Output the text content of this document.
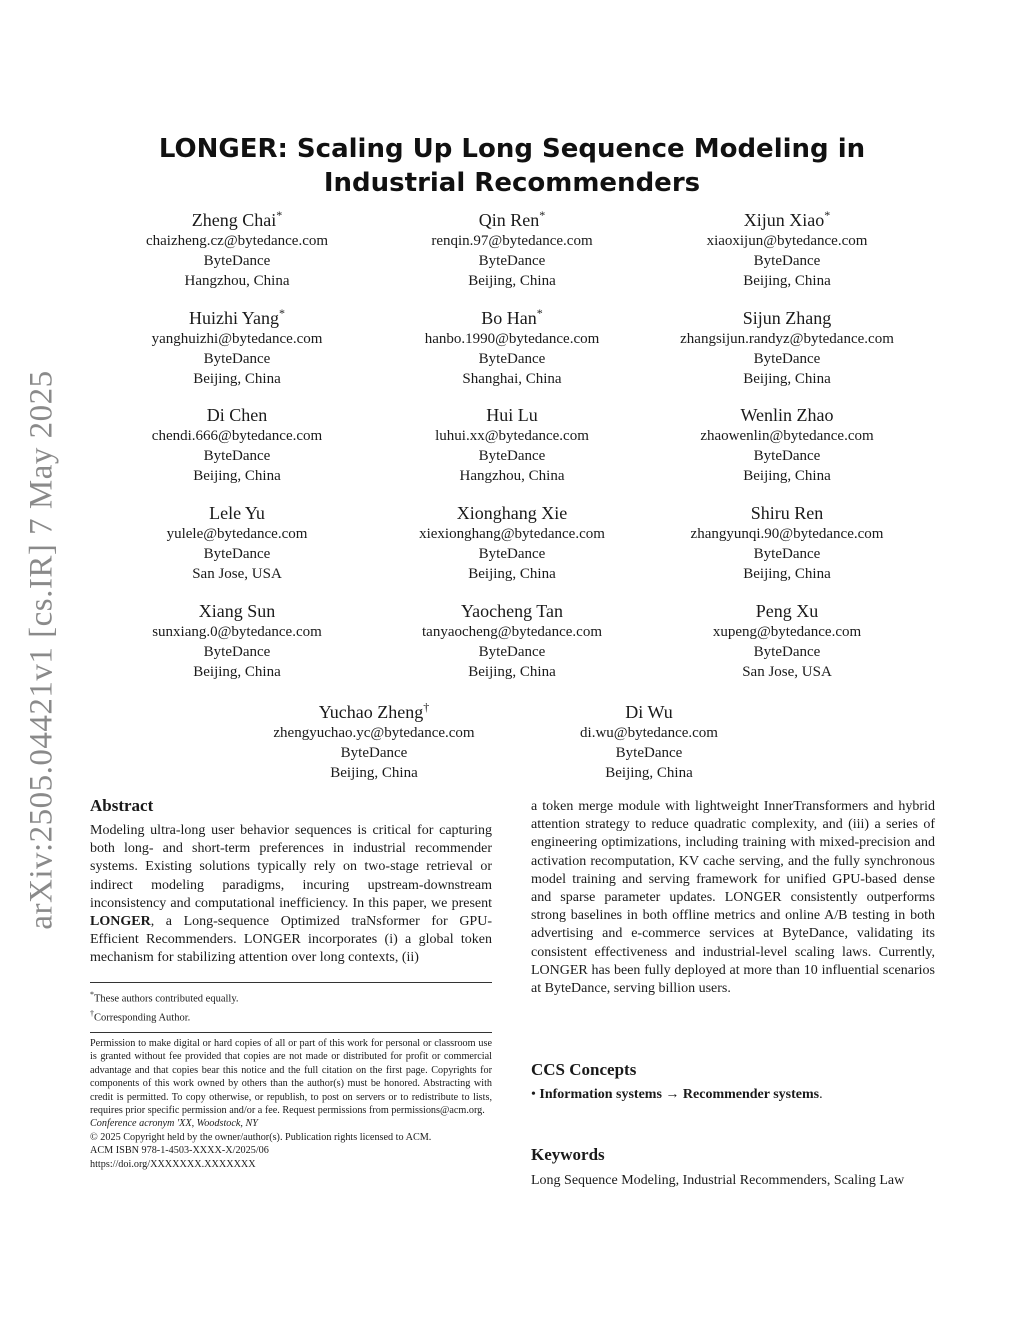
arXiv:2505.04421v1 [cs.IR] 7 May 2025
LONGER: Scaling Up Long Sequence Modeling in
Industrial Recommenders
Zheng Chai*
chaizheng.cz@bytedance.com
ByteDance
Hangzhou, China
Qin Ren*
renqin.97@bytedance.com
ByteDance
Beijing, China
Xijun Xiao*
xiaoxijun@bytedance.com
ByteDance
Beijing, China
Huizhi Yang*
yanghuizhi@bytedance.com
ByteDance
Beijing, China
Bo Han*
hanbo.1990@bytedance.com
ByteDance
Shanghai, China
Sijun Zhang
zhangsijun.randyz@bytedance.com
ByteDance
Beijing, China
Di Chen
chendi.666@bytedance.com
ByteDance
Beijing, China
Hui Lu
luhui.xx@bytedance.com
ByteDance
Hangzhou, China
Wenlin Zhao
zhaowenlin@bytedance.com
ByteDance
Beijing, China
Lele Yu
yulele@bytedance.com
ByteDance
San Jose, USA
Xionghang Xie
xiexionghang@bytedance.com
ByteDance
Beijing, China
Shiru Ren
zhangyunqi.90@bytedance.com
ByteDance
Beijing, China
Xiang Sun
sunxiang.0@bytedance.com
ByteDance
Beijing, China
Yaocheng Tan
tanyaocheng@bytedance.com
ByteDance
Beijing, China
Peng Xu
xupeng@bytedance.com
ByteDance
San Jose, USA
Yuchao Zheng†
zhengyuchao.yc@bytedance.com
ByteDance
Beijing, China
Di Wu
di.wu@bytedance.com
ByteDance
Beijing, China
Abstract
Modeling ultra-long user behavior sequences is critical for capturing both long- and short-term preferences in industrial recommender systems. Existing solutions typically rely on two-stage retrieval or indirect modeling paradigms, incuring upstream-downstream inconsistency and computational inefficiency. In this paper, we present LONGER, a Long-sequence Optimized traNsformer for GPU-Efficient Recommenders. LONGER incorporates (i) a global token mechanism for stabilizing attention over long contexts, (ii)
*These authors contributed equally.
†Corresponding Author.
Permission to make digital or hard copies of all or part of this work for personal or classroom use is granted without fee provided that copies are not made or distributed for profit or commercial advantage and that copies bear this notice and the full citation on the first page. Copyrights for components of this work owned by others than the author(s) must be honored. Abstracting with credit is permitted. To copy otherwise, or republish, to post on servers or to redistribute to lists, requires prior specific permission and/or a fee. Request permissions from permissions@acm.org.
Conference acronym 'XX, Woodstock, NY
© 2025 Copyright held by the owner/author(s). Publication rights licensed to ACM.
ACM ISBN 978-1-4503-XXXX-X/2025/06
https://doi.org/XXXXXXX.XXXXXXX
a token merge module with lightweight InnerTransformers and hybrid attention strategy to reduce quadratic complexity, and (iii) a series of engineering optimizations, including training with mixed-precision and activation recomputation, KV cache serving, and the fully synchronous model training and serving framework for unified GPU-based dense and sparse parameter updates. LONGER consistently outperforms strong baselines in both offline metrics and online A/B testing in both advertising and e-commerce services at ByteDance, validating its consistent effectiveness and industrial-level scaling laws. Currently, LONGER has been fully deployed at more than 10 influential scenarios at ByteDance, serving billion users.
CCS Concepts
• Information systems → Recommender systems.
Keywords
Long Sequence Modeling, Industrial Recommenders, Scaling Law
